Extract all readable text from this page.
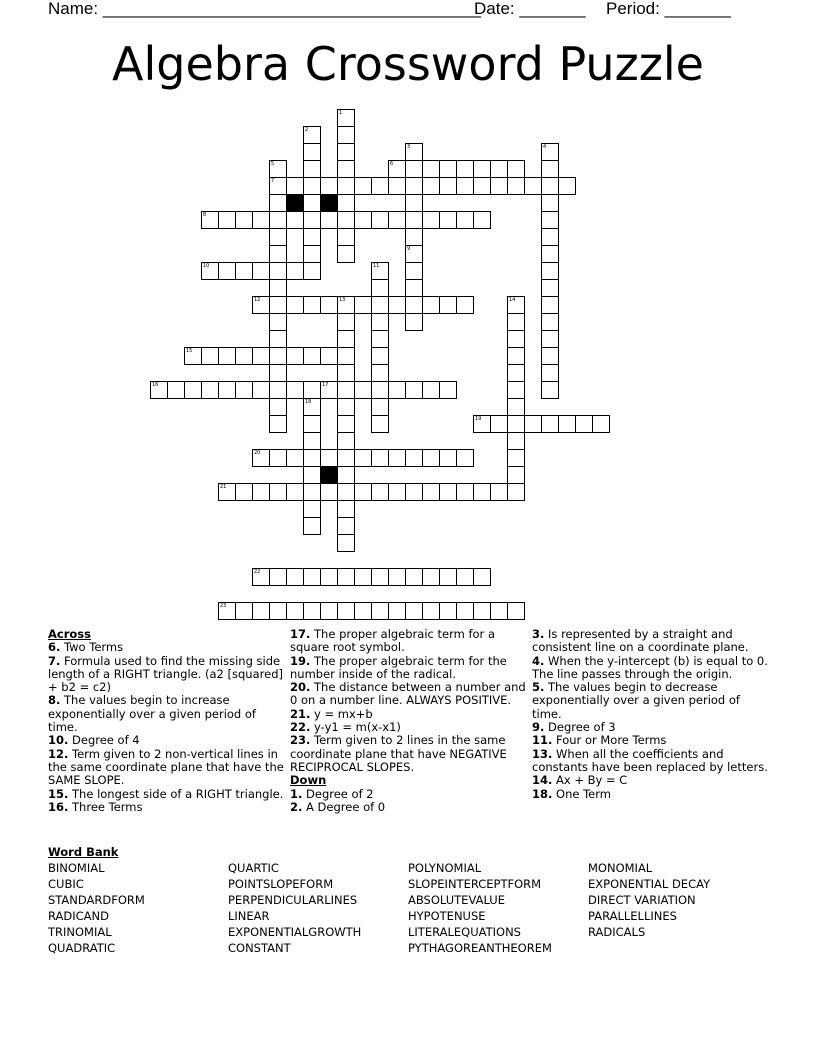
Name: ________________________________________
Date: _______ Period: _______
Algebra Crossword Puzzle
1
2
3	4
5
7
6
8
9
10	11
12	13	14
15
16	17
18
19
20
21
22
23
Across
6. Two Terms
7. Formula used to find the missing side length of a RIGHT triangle. (a2 [squared] + b2 = c2)
8. The values begin to increase exponentially over a given period of time.
10. Degree of 4
12. Term given to 2 non-vertical lines in the same coordinate plane that have the SAME SLOPE.
15. The longest side of a RIGHT triangle.
16. Three Terms
17. The proper algebraic term for a square root symbol.
19. The proper algebraic term for the number inside of the radical.
20. The distance between a number and 0 on a number line. ALWAYS POSITIVE.
21. y = mx+b
22. y-y1 = m(x-x1)
23. Term given to 2 lines in the same coordinate plane that have NEGATIVE RECIPROCAL SLOPES.
Down
1. Degree of 2
2. A Degree of 0
3. Is represented by a straight and consistent line on a coordinate plane.
4. When the y-intercept (b) is equal to 0. The line passes through the origin.
5. The values begin to decrease exponentially over a given period of time.
9. Degree of 3
11. Four or More Terms
13. When all the coefficients and constants have been replaced by letters.
14. Ax + By = C
18. One Term
Word Bank
BINOMIAL	QUARTIC	POLYNOMIAL	MONOMIAL
CUBIC	POINTSLOPEFORM	SLOPEINTERCEPTFORM	EXPONENTIAL DECAY
STANDARDFORM	PERPENDICULARLINES	ABSOLUTEVALUE	DIRECT VARIATION
RADICAND	LINEAR	HYPOTENUSE	PARALLELLINES
TRINOMIAL	EXPONENTIALGROWTH	LITERALEQUATIONS	RADICALS
QUADRATIC	CONSTANT	PYTHAGOREANTHEOREM
